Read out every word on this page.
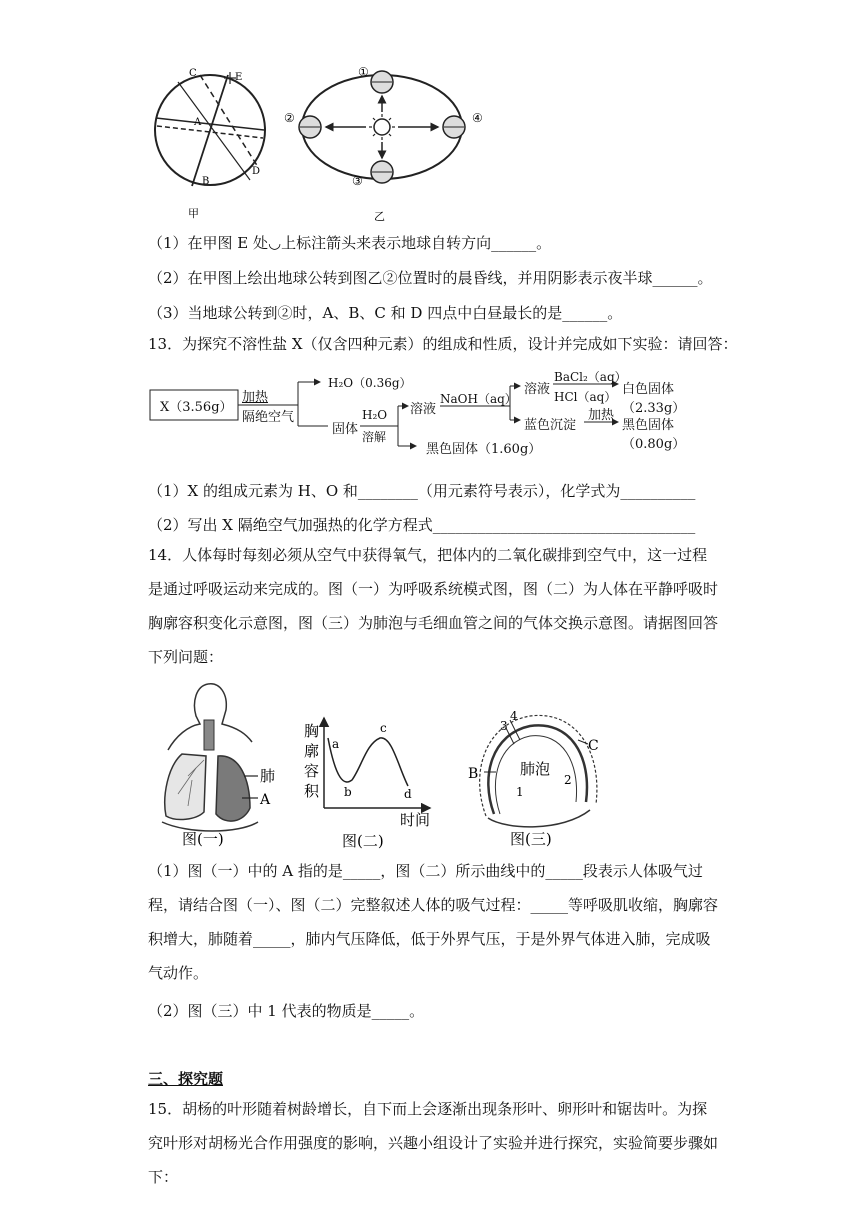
C	E
A
D
B
甲
①
②
③
④
乙
（1）在甲图 E 处◡上标注箭头来表示地球自转方向______。
（2）在甲图上绘出地球公转到图乙②位置时的晨昏线，并用阴影表示夜半球______。
（3）当地球公转到②时，A、B、C 和 D 四点中白昼最长的是______。
13．为探究不溶性盐 X（仅含四种元素）的组成和性质，设计并完成如下实验：请回答：
X（3.56g）
加热
隔绝空气
H₂O（0.36g）
固体
H₂O
溶解
溶液
NaOH（aq）
溶液
BaCl₂（aq）
HCl（aq） 白色固体（2.33g）
蓝色沉淀
加热
黑色固体（0.80g）
黑色固体（1.60g）
（1）X 的组成元素为 H、O 和________（用元素符号表示），化学式为__________
（2）写出 X 隔绝空气加强热的化学方程式___________________________________
14．人体每时每刻必须从空气中获得氧气，把体内的二氧化碳排到空气中，这一过程是通过呼吸运动来完成的。图（一）为呼吸系统模式图，图（二）为人体在平静呼吸时胸廓容积变化示意图，图（三）为肺泡与毛细血管之间的气体交换示意图。请据图回答下列问题：
肺
A
图(一)
胸
廓
容
积
a
b
c
d
时间
图(二)
肺泡
1
2
3
4
B
C
图(三)
（1）图（一）中的 A 指的是_____，图（二）所示曲线中的_____段表示人体吸气过程，请结合图（一）、图（二）完整叙述人体的吸气过程：_____等呼吸肌收缩，胸廓容积增大，肺随着_____，肺内气压降低，低于外界气压，于是外界气体进入肺，完成吸气动作。
（2）图（三）中 1 代表的物质是_____。
三、探究题
15．胡杨的叶形随着树龄增长，自下而上会逐渐出现条形叶、卵形叶和锯齿叶。为探究叶形对胡杨光合作用强度的影响，兴趣小组设计了实验并进行探究，实验简要步骤如下：
